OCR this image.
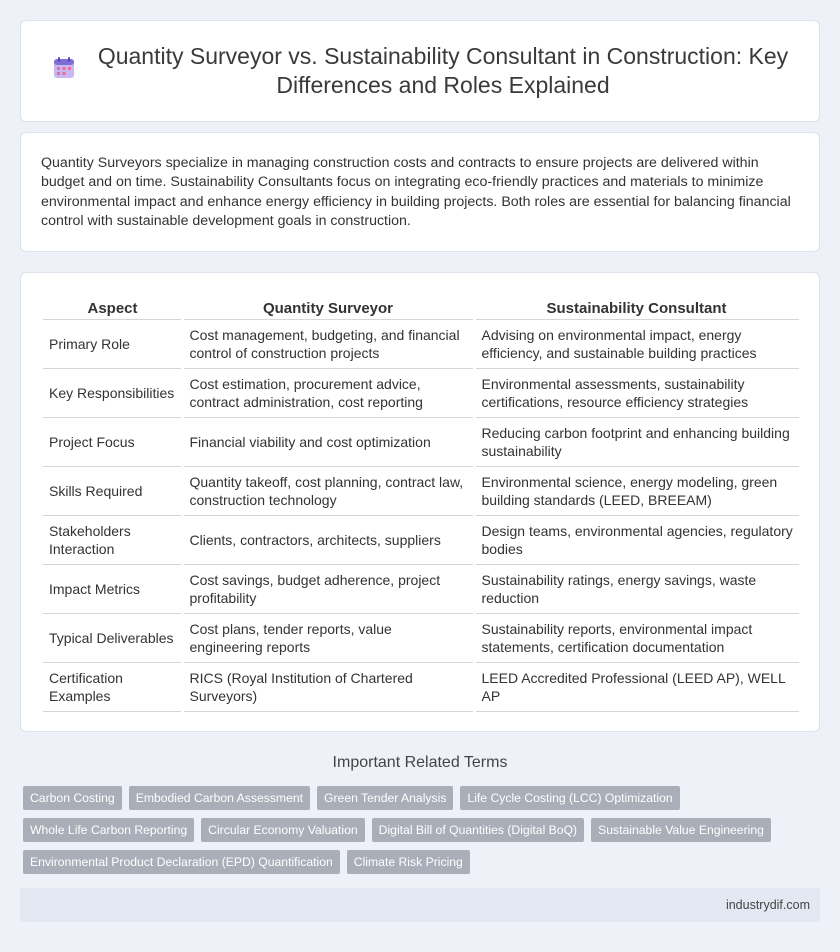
Quantity Surveyor vs. Sustainability Consultant in Construction: Key Differences and Roles Explained

Quantity Surveyors specialize in managing construction costs and contracts to ensure projects are delivered within budget and on time. Sustainability Consultants focus on integrating eco-friendly practices and materials to minimize environmental impact and enhance energy efficiency in building projects. Both roles are essential for balancing financial control with sustainable development goals in construction.

Aspect	Quantity Surveyor	Sustainability Consultant
Primary Role	Cost management, budgeting, and financial control of construction projects	Advising on environmental impact, energy efficiency, and sustainable building practices
Key Responsibilities	Cost estimation, procurement advice, contract administration, cost reporting	Environmental assessments, sustainability certifications, resource efficiency strategies
Project Focus	Financial viability and cost optimization	Reducing carbon footprint and enhancing building sustainability
Skills Required	Quantity takeoff, cost planning, contract law, construction technology	Environmental science, energy modeling, green building standards (LEED, BREEAM)
Stakeholders Interaction	Clients, contractors, architects, suppliers	Design teams, environmental agencies, regulatory bodies
Impact Metrics	Cost savings, budget adherence, project profitability	Sustainability ratings, energy savings, waste reduction
Typical Deliverables	Cost plans, tender reports, value engineering reports	Sustainability reports, environmental impact statements, certification documentation
Certification Examples	RICS (Royal Institution of Chartered Surveyors)	LEED Accredited Professional (LEED AP), WELL AP
Important Related Terms
Carbon Costing	Embodied Carbon Assessment	Green Tender Analysis	Life Cycle Costing (LCC) Optimization
Whole Life Carbon Reporting	Circular Economy Valuation	Digital Bill of Quantities (Digital BoQ)	Sustainable Value Engineering
Environmental Product Declaration (EPD) Quantification	Climate Risk Pricing
industrydif.com
